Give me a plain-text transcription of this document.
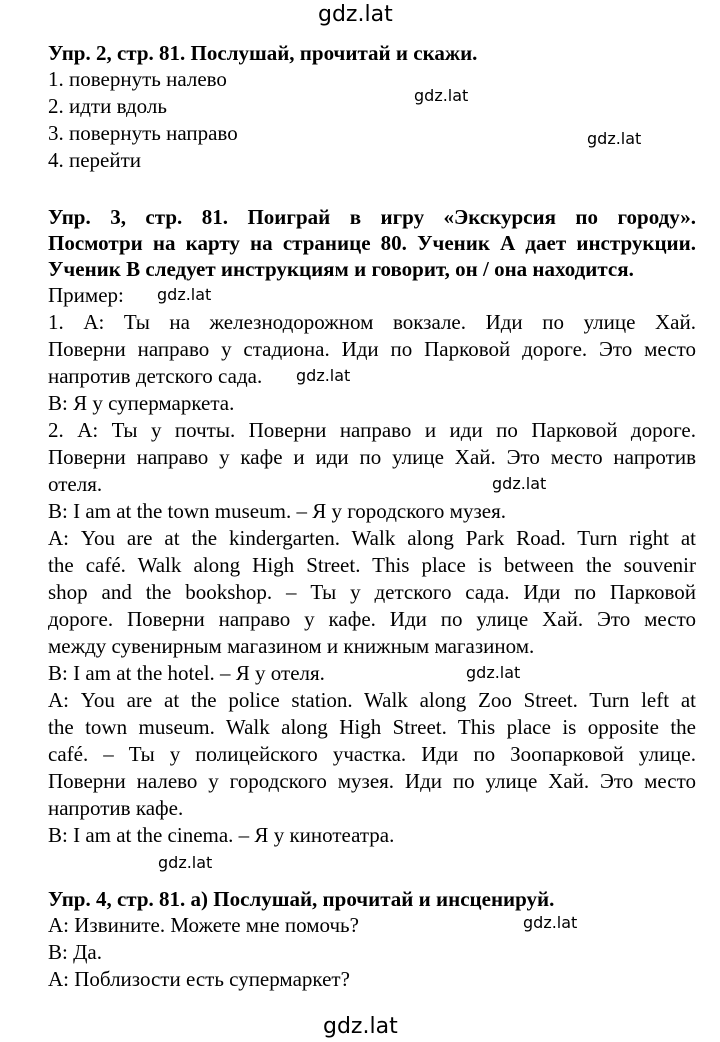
gdz.lat
gdz.lat
gdz.lat
gdz.lat
gdz.lat
gdz.lat
gdz.lat
gdz.lat
gdz.lat
gdz.lat
Упр. 2, стр. 81. Послушай, прочитай и скажи.
1. повернуть налево
2. идти вдоль
3. повернуть направо
4. перейти
Упр. 3, стр. 81. Поиграй в игру «Экскурсия по городу».
Посмотри на карту на странице 80. Ученик А дает инструкции.
Ученик В следует инструкциям и говорит, он / она находится.
Пример:
1. А: Ты на железнодорожном вокзале. Иди по улице Хай.
Поверни направо у стадиона. Иди по Парковой дороге. Это место
напротив детского сада.
В: Я у супермаркета.
2. А: Ты у почты. Поверни направо и иди по Парковой дороге.
Поверни направо у кафе и иди по улице Хай. Это место напротив
отеля.
В: I am at the town museum. – Я у городского музея.
А: You are at the kindergarten. Walk along Park Road. Turn right at
the café. Walk along High Street. This place is between the souvenir
shop and the bookshop. – Ты у детского сада. Иди по Парковой
дороге. Поверни направо у кафе. Иди по улице Хай. Это место
между сувенирным магазином и книжным магазином.
В: I am at the hotel. – Я у отеля.
А: You are at the police station. Walk along Zoo Street. Turn left at
the town museum. Walk along High Street. This place is opposite the
café. – Ты у полицейского участка. Иди по Зоопарковой улице.
Поверни налево у городского музея. Иди по улице Хай. Это место
напротив кафе.
В: I am at the cinema. – Я у кинотеатра.
Упр. 4, стр. 81. а) Послушай, прочитай и инсценируй.
А: Извините. Можете мне помочь?
В: Да.
А: Поблизости есть супермаркет?
